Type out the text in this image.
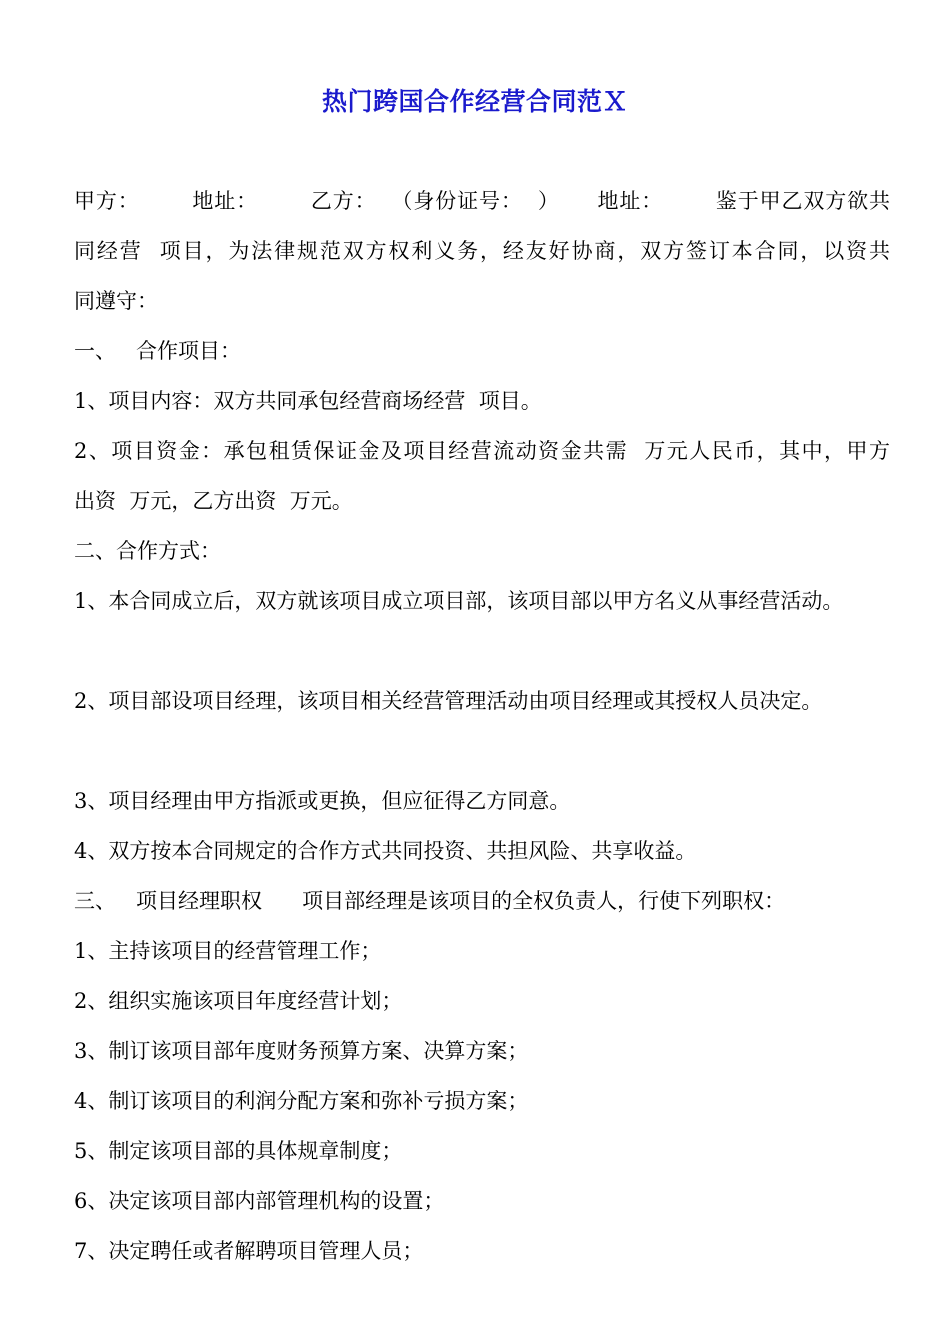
热门跨国合作经营合同范Ｘ
甲方：       地址：       乙方：  （身份证号：  ）     地址：       鉴于甲乙双方欲共
同经营  项目，为法律规范双方权利义务，经友好协商，双方签订本合同，以资共
同遵守：
一、   合作项目：
1、项目内容：双方共同承包经营商场经营  项目。
2、项目资金：承包租赁保证金及项目经营流动资金共需  万元人民币，其中，甲方
出资  万元，乙方出资  万元。
二、合作方式：
1、本合同成立后，双方就该项目成立项目部，该项目部以甲方名义从事经营活动。
2、项目部设项目经理，该项目相关经营管理活动由项目经理或其授权人员决定。
3、项目经理由甲方指派或更换，但应征得乙方同意。
4、双方按本合同规定的合作方式共同投资、共担风险、共享收益。
三、   项目经理职权      项目部经理是该项目的全权负责人，行使下列职权：
1、主持该项目的经营管理工作；
2、组织实施该项目年度经营计划；
3、制订该项目部年度财务预算方案、决算方案；
4、制订该项目的利润分配方案和弥补亏损方案；
5、制定该项目部的具体规章制度；
6、决定该项目部内部管理机构的设置；
7、决定聘任或者解聘项目管理人员；
